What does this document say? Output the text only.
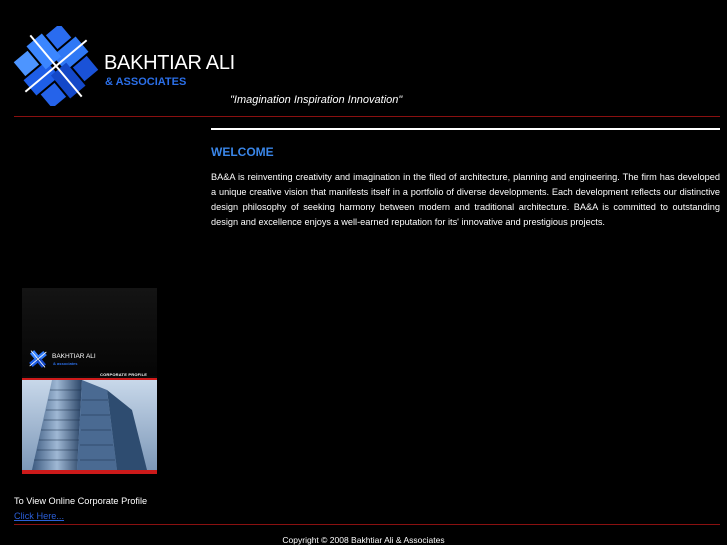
BAKHTIAR ALI
& ASSOCIATES
"Imagination Inspiration Innovation"
WELCOME

BA&A is reinventing creativity and imagination in the filed of architecture, planning and engineering. The firm has developed a unique creative vision that manifests itself in a portfolio of diverse developments. Each development reflects our distinctive design philosophy of seeking harmony between modern and traditional architecture. BA&A is committed to outstanding design and excellence enjoys a well-earned reputation for its' innovative and prestigious projects.

BAKHTIAR ALI
& associates
CORPORATE PROFILE
To View Online Corporate Profile
Click Here...
Copyright © 2008 Bakhtiar Ali & Associates
